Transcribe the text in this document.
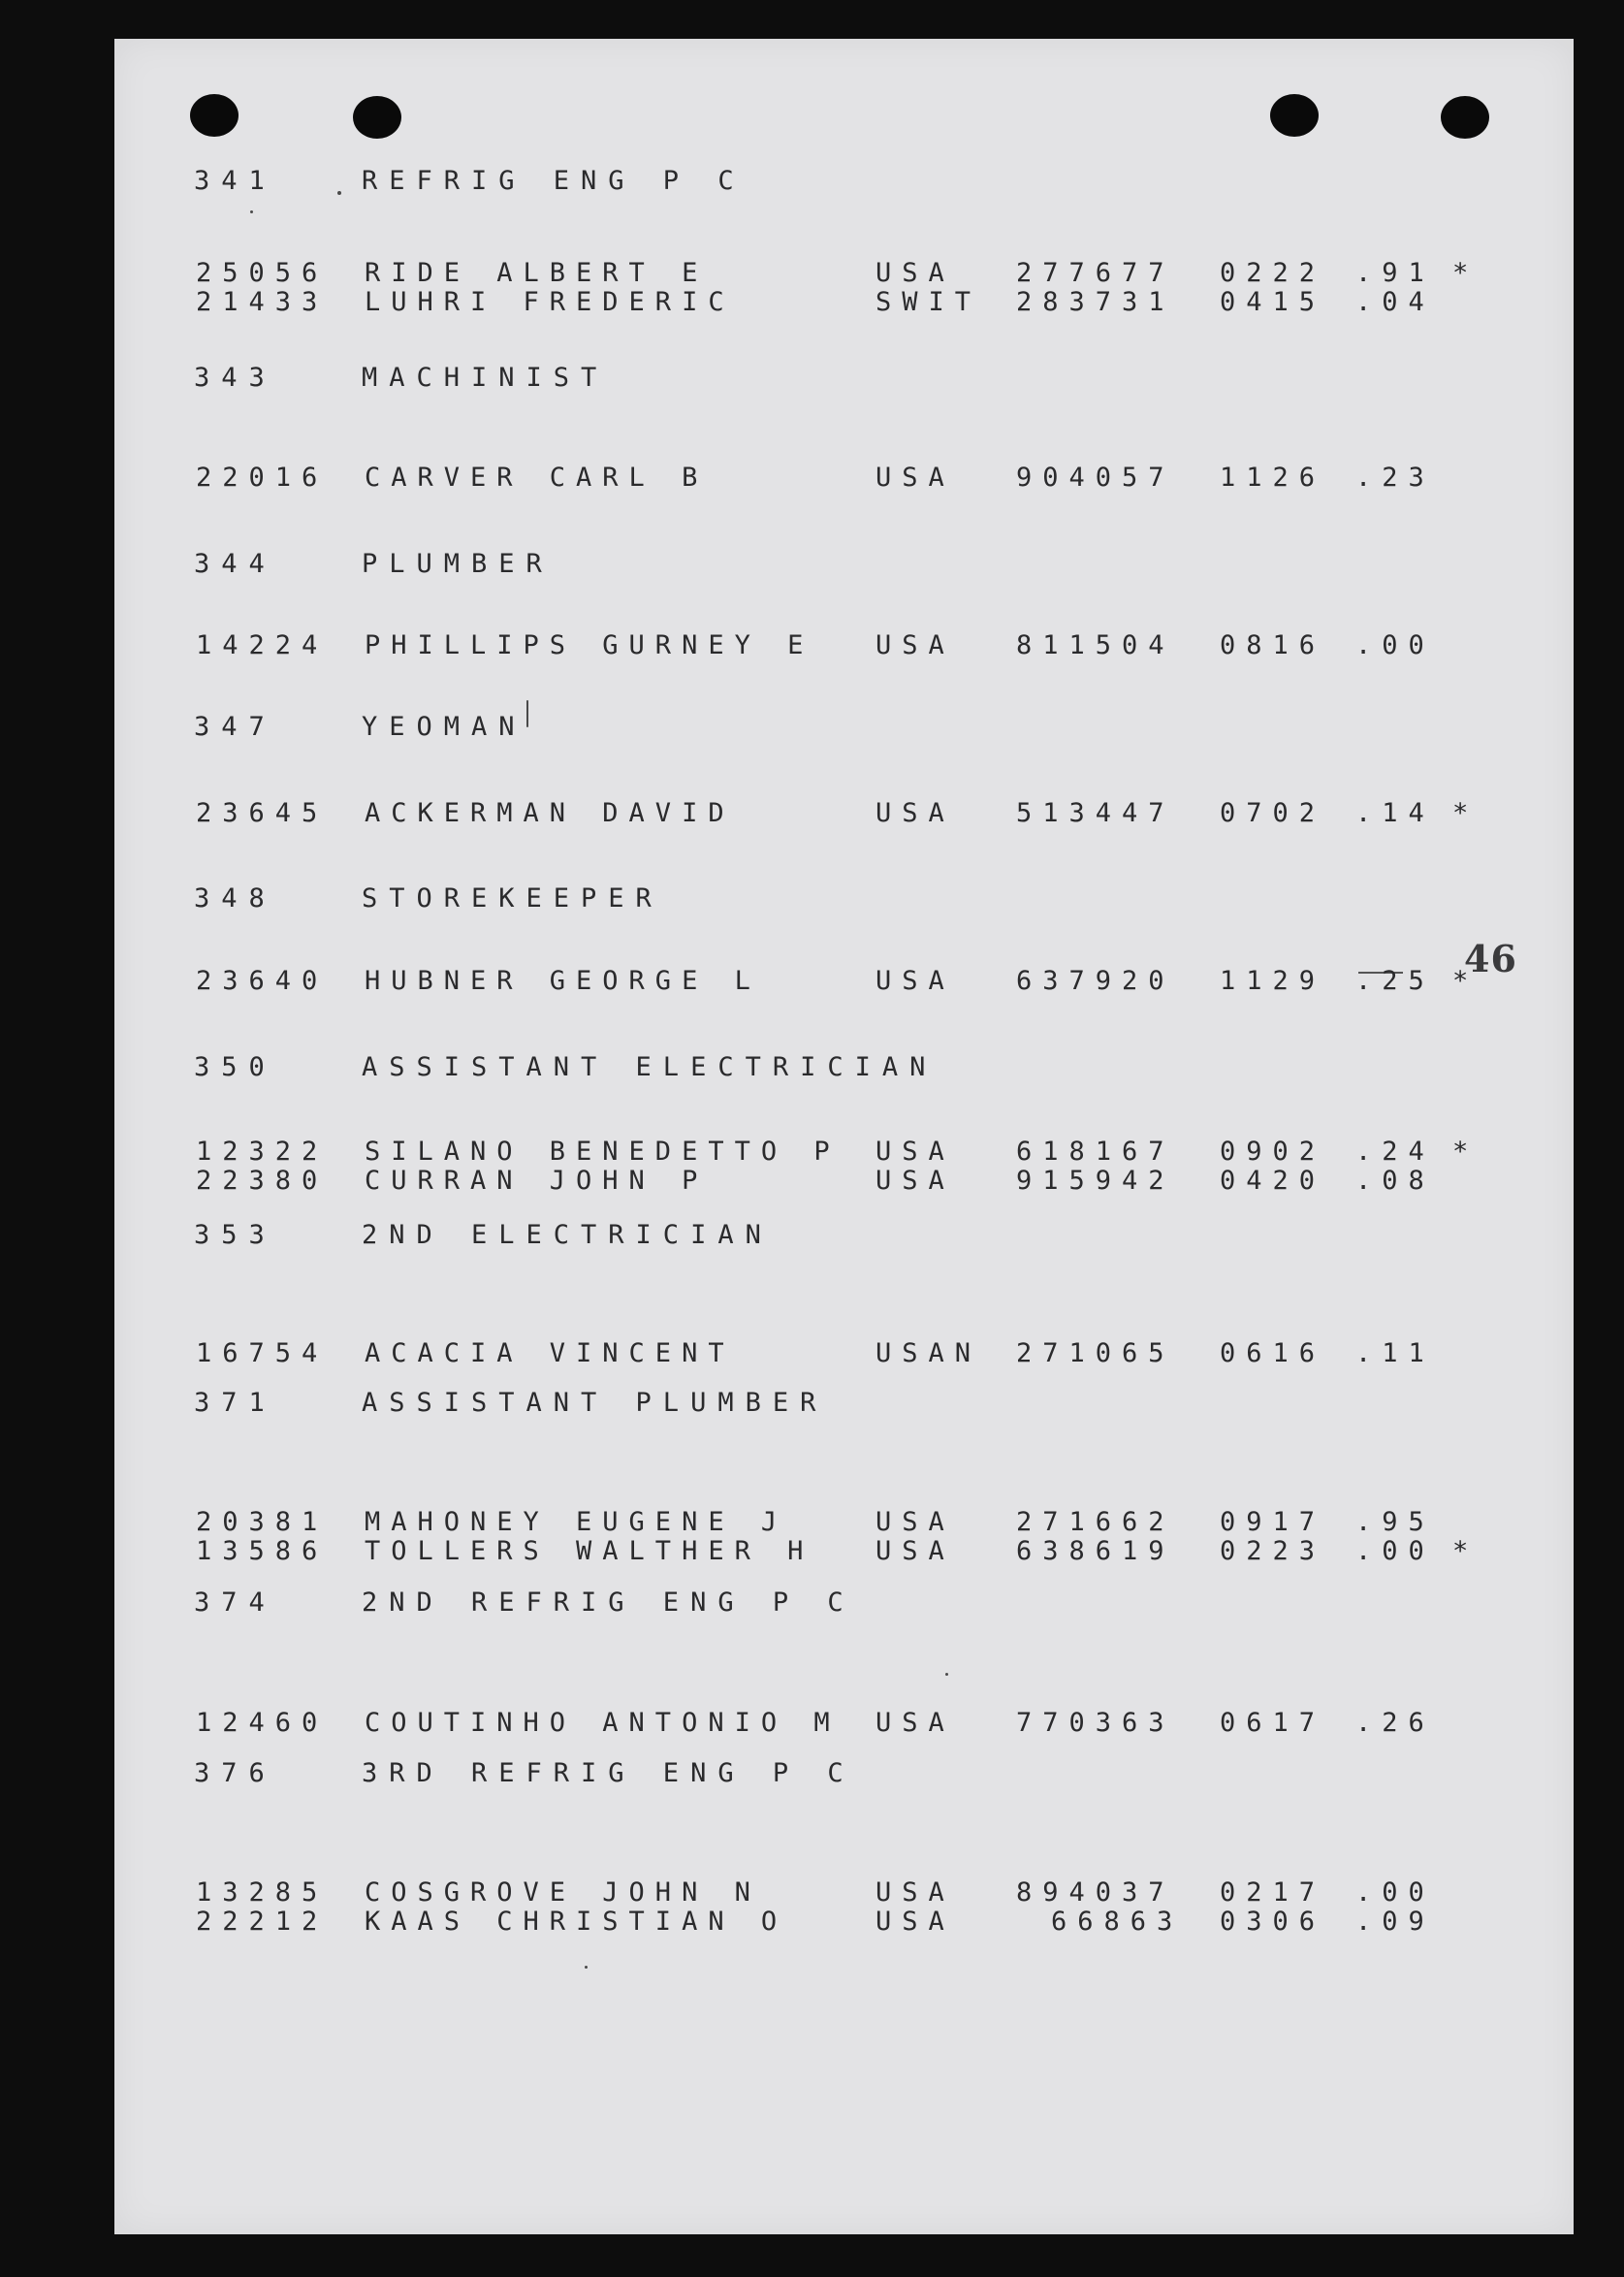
46
341	REFRIG ENG P C
25056 RIDE ALBERT E	USA 277677 0222 .91 *
21433 LUHRI FREDERIC	SWIT 283731 0415 .04
343	MACHINIST
22016 CARVER CARL B	USA 904057 1126 .23
344	PLUMBER
14224 PHILLIPS GURNEY E USA 811504 0816 .00
347	YEOMAN
23645 ACKERMAN DAVID	USA 513447 0702 .14 *
348	STOREKEEPER
23640 HUBNER GEORGE L	USA 637920 1129 .25 *
350	ASSISTANT ELECTRICIAN
12322 SILANO BENEDETTO P USA 618167 0902 .24 *
22380 CURRAN JOHN P	USA 915942 0420 .08
353	2ND ELECTRICIAN
16754 ACACIA VINCENT	USAN 271065 0616 .11
371	ASSISTANT PLUMBER
20381 MAHONEY EUGENE J	USA 271662 0917 .95
13586 TOLLERS WALTHER H USA 638619 0223 .00 *
374	2ND REFRIG ENG P C
12460 COUTINHO ANTONIO M USA 770363 0617 .26
376	3RD REFRIG ENG P C
13285 COSGROVE JOHN N	USA 894037 0217 .00
22212 KAAS CHRISTIAN O	USA	66863 0306 .09
